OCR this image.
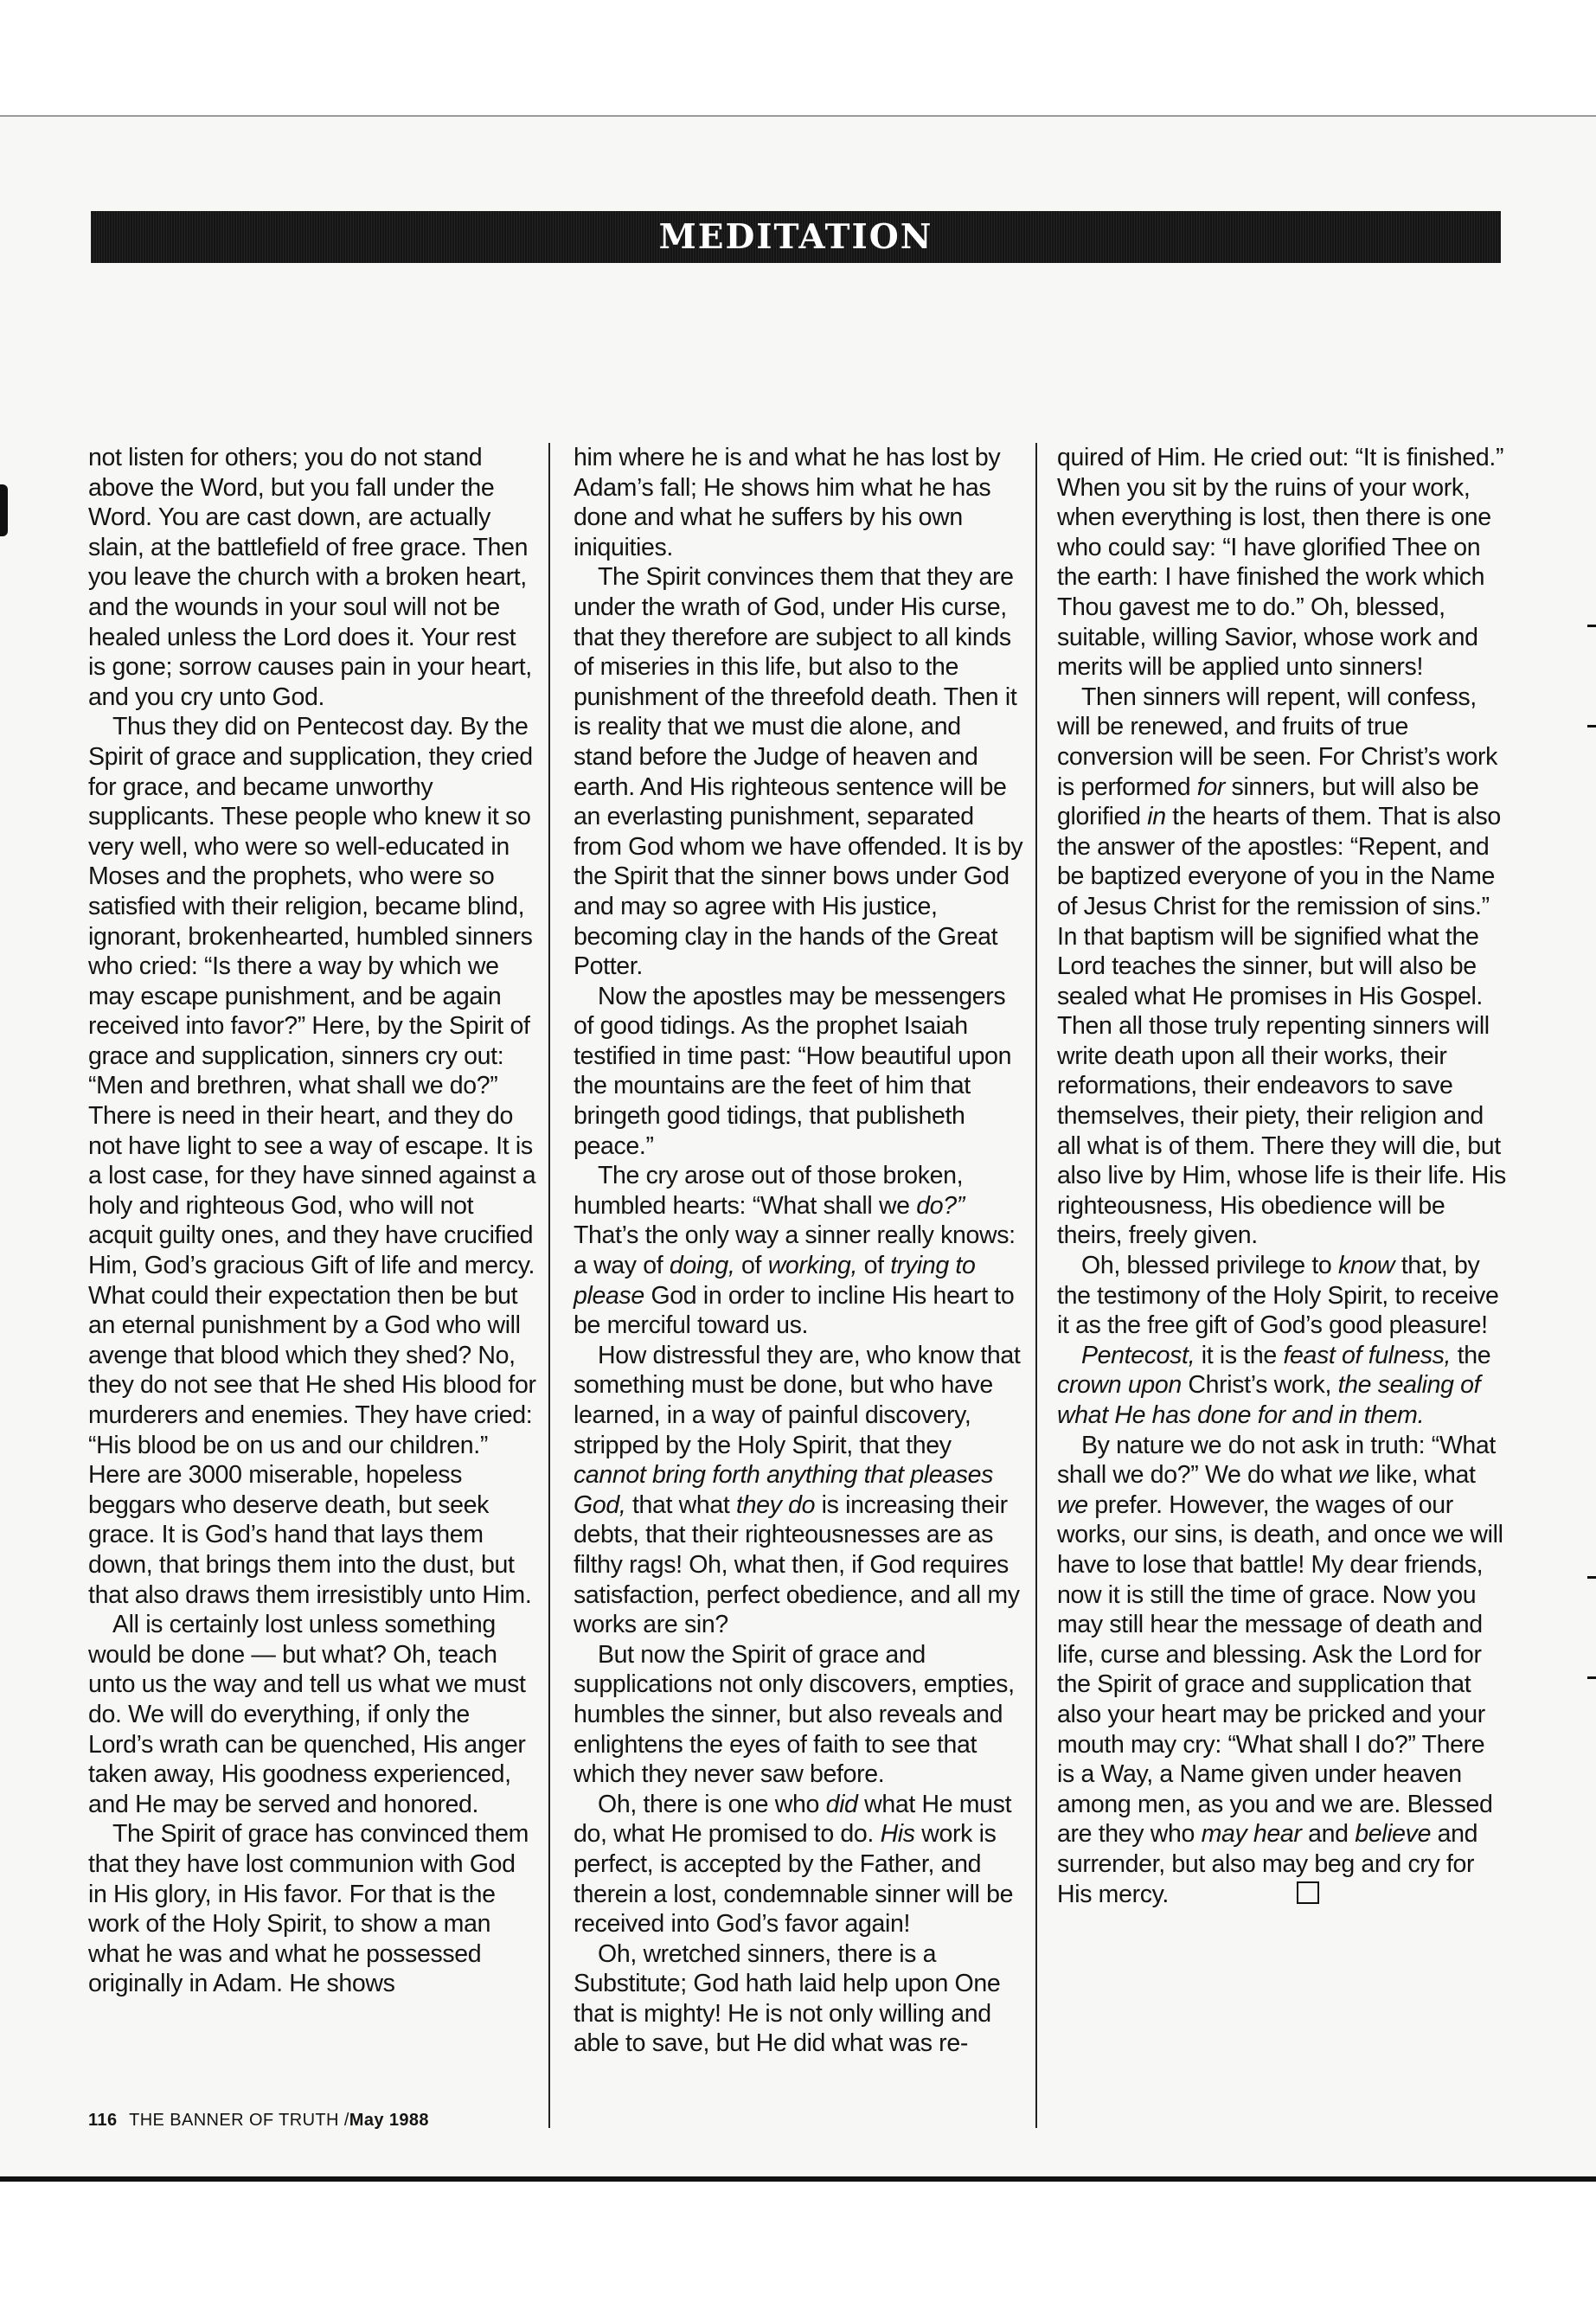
MEDITATION

not listen for others; you do not stand above the Word, but you fall under the Word. You are cast down, are actually slain, at the battlefield of free grace. Then you leave the church with a broken heart, and the wounds in your soul will not be healed unless the Lord does it. Your rest is gone; sorrow causes pain in your heart, and you cry unto God.

Thus they did on Pentecost day. By the Spirit of grace and supplication, they cried for grace, and became unworthy supplicants. These people who knew it so very well, who were so well-educated in Moses and the prophets, who were so satisfied with their religion, became blind, ignorant, brokenhearted, humbled sinners who cried: “Is there a way by which we may escape punishment, and be again received into favor?” Here, by the Spirit of grace and supplication, sinners cry out: “Men and brethren, what shall we do?” There is need in their heart, and they do not have light to see a way of escape. It is a lost case, for they have sinned against a holy and righteous God, who will not acquit guilty ones, and they have crucified Him, God’s gracious Gift of life and mercy. What could their expectation then be but an eternal punishment by a God who will avenge that blood which they shed? No, they do not see that He shed His blood for murderers and enemies. They have cried: “His blood be on us and our children.” Here are 3000 miserable, hopeless beggars who deserve death, but seek grace. It is God’s hand that lays them down, that brings them into the dust, but that also draws them irresistibly unto Him.

All is certainly lost unless something would be done — but what? Oh, teach unto us the way and tell us what we must do. We will do everything, if only the Lord’s wrath can be quenched, His anger taken away, His goodness experienced, and He may be served and honored.

The Spirit of grace has convinced them that they have lost communion with God in His glory, in His favor. For that is the work of the Holy Spirit, to show a man what he was and what he possessed originally in Adam. He shows

him where he is and what he has lost by Adam’s fall; He shows him what he has done and what he suffers by his own iniquities.

The Spirit convinces them that they are under the wrath of God, under His curse, that they therefore are subject to all kinds of miseries in this life, but also to the punishment of the threefold death. Then it is reality that we must die alone, and stand before the Judge of heaven and earth. And His righteous sentence will be an everlasting punishment, separated from God whom we have offended. It is by the Spirit that the sinner bows under God and may so agree with His justice, becoming clay in the hands of the Great Potter.

Now the apostles may be messengers of good tidings. As the prophet Isaiah testified in time past: “How beautiful upon the mountains are the feet of him that bringeth good tidings, that publisheth peace.”

The cry arose out of those broken, humbled hearts: “What shall we do?” That’s the only way a sinner really knows: a way of doing, of working, of trying to please God in order to incline His heart to be merciful toward us.

How distressful they are, who know that something must be done, but who have learned, in a way of painful discovery, stripped by the Holy Spirit, that they cannot bring forth anything that pleases God, that what they do is increasing their debts, that their righteousnesses are as filthy rags! Oh, what then, if God requires satisfaction, perfect obedience, and all my works are sin?

But now the Spirit of grace and supplications not only discovers, empties, humbles the sinner, but also reveals and enlightens the eyes of faith to see that which they never saw before.

Oh, there is one who did what He must do, what He promised to do. His work is perfect, is accepted by the Father, and therein a lost, condemnable sinner will be received into God’s favor again!

Oh, wretched sinners, there is a Substitute; God hath laid help upon One that is mighty! He is not only willing and able to save, but He did what was re-

quired of Him. He cried out: “It is finished.” When you sit by the ruins of your work, when everything is lost, then there is one who could say: “I have glorified Thee on the earth: I have finished the work which Thou gavest me to do.” Oh, blessed, suitable, willing Savior, whose work and merits will be applied unto sinners!

Then sinners will repent, will confess, will be renewed, and fruits of true conversion will be seen. For Christ’s work is performed for sinners, but will also be glorified in the hearts of them. That is also the answer of the apostles: “Repent, and be baptized everyone of you in the Name of Jesus Christ for the remission of sins.” In that baptism will be signified what the Lord teaches the sinner, but will also be sealed what He promises in His Gospel. Then all those truly repenting sinners will write death upon all their works, their reformations, their endeavors to save themselves, their piety, their religion and all what is of them. There they will die, but also live by Him, whose life is their life. His righteousness, His obedience will be theirs, freely given.

Oh, blessed privilege to know that, by the testimony of the Holy Spirit, to receive it as the free gift of God’s good pleasure!

Pentecost, it is the feast of fulness, the crown upon Christ’s work, the sealing of what He has done for and in them.

By nature we do not ask in truth: “What shall we do?” We do what we like, what we prefer. However, the wages of our works, our sins, is death, and once we will have to lose that battle! My dear friends, now it is still the time of grace. Now you may still hear the message of death and life, curse and blessing. Ask the Lord for the Spirit of grace and supplication that also your heart may be pricked and your mouth may cry: “What shall I do?” There is a Way, a Name given under heaven among men, as you and we are. Blessed are they who may hear and believe and surrender, but also may beg and cry for His mercy.

116 THE BANNER OF TRUTH /May 1988
